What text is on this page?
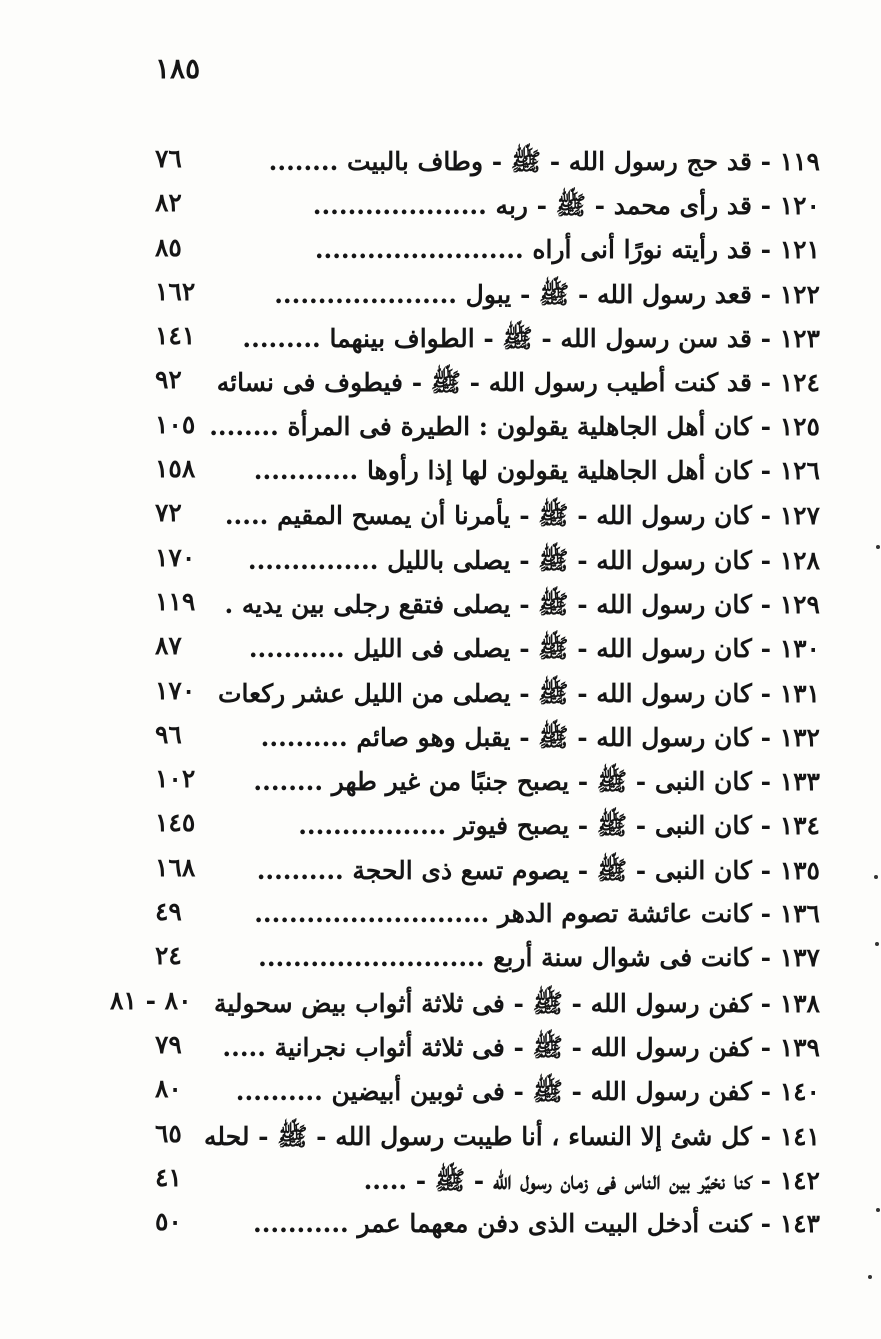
١٨٥
١١٩ - قد حج رسول الله - ﷺ - وطاف بالبيت ........
٧٦
١٢٠ - قد رأى محمد - ﷺ - ربه ....................
٨٢
١٢١ - قد رأيته نورًا أنى أراه ........................
٨٥
١٢٢ - قعد رسول الله - ﷺ - يبول .....................
١٦٢
١٢٣ - قد سن رسول الله - ﷺ - الطواف بينهما .........
١٤١
١٢٤ - قد كنت أطيب رسول الله - ﷺ - فيطوف فى نسائه
٩٢
١٢٥ - كان أهل الجاهلية يقولون : الطيرة فى المرأة ........
١٠٥
١٢٦ - كان أهل الجاهلية يقولون لها إذا رأوها ............
١٥٨
١٢٧ - كان رسول الله - ﷺ - يأمرنا أن يمسح المقيم .....
٧٢
١٢٨ - كان رسول الله - ﷺ - يصلى بالليل ...............
١٧٠
١٢٩ - كان رسول الله - ﷺ - يصلى فتقع رجلى بين يديه .
١١٩
١٣٠ - كان رسول الله - ﷺ - يصلى فى الليل ...........
٨٧
١٣١ - كان رسول الله - ﷺ - يصلى من الليل عشر ركعات
١٧٠
١٣٢ - كان رسول الله - ﷺ - يقبل وهو صائم ..........
٩٦
١٣٣ - كان النبى - ﷺ - يصبح جنبًا من غير طهر ........
١٠٢
١٣٤ - كان النبى - ﷺ - يصبح فيوتر .................
١٤٥
١٣٥ - كان النبى - ﷺ - يصوم تسع ذى الحجة ..........
١٦٨
١٣٦ - كانت عائشة تصوم الدهر ...........................
٤٩
١٣٧ - كانت فى شوال سنة أربع ..........................
٢٤
١٣٨ - كفن رسول الله - ﷺ - فى ثلاثة أثواب بيض سحولية
٨٠ - ٨١
١٣٩ - كفن رسول الله - ﷺ - فى ثلاثة أثواب نجرانية .....
٧٩
١٤٠ - كفن رسول الله - ﷺ - فى ثوبين أبيضين ..........
٨٠
١٤١ - كل شئ إلا النساء ، أنا طيبت رسول الله - ﷺ - لحله
٦٥
١٤٢ - كنا نخيّر بين الناس فى زمان رسول الله - ﷺ - .....
٤١
١٤٣ - كنت أدخل البيت الذى دفن معهما عمر ...........
٥٠
